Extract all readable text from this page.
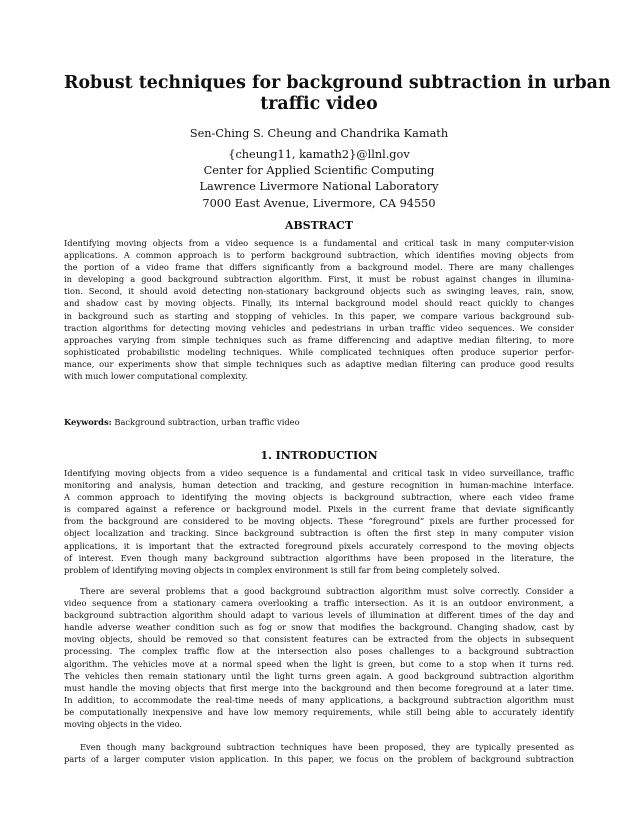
Robust techniques for background subtraction in urban
traffic video
Sen-Ching S. Cheung and Chandrika Kamath
{cheung11, kamath2}@llnl.gov
Center for Applied Scientific Computing
Lawrence Livermore National Laboratory
7000 East Avenue, Livermore, CA 94550
ABSTRACT
Identifying moving objects from a video sequence is a fundamental and critical task in many computer-vision
applications. A common approach is to perform background subtraction, which identifies moving objects from
the portion of a video frame that differs significantly from a background model. There are many challenges
in developing a good background subtraction algorithm. First, it must be robust against changes in illumina-
tion. Second, it should avoid detecting non-stationary background objects such as swinging leaves, rain, snow,
and shadow cast by moving objects. Finally, its internal background model should react quickly to changes
in background such as starting and stopping of vehicles. In this paper, we compare various background sub-
traction algorithms for detecting moving vehicles and pedestrians in urban traffic video sequences. We consider
approaches varying from simple techniques such as frame differencing and adaptive median filtering, to more
sophisticated probabilistic modeling techniques. While complicated techniques often produce superior perfor-
mance, our experiments show that simple techniques such as adaptive median filtering can produce good results
with much lower computational complexity.
Keywords: Background subtraction, urban traffic video
1. INTRODUCTION
Identifying moving objects from a video sequence is a fundamental and critical task in video surveillance, traffic
monitoring and analysis, human detection and tracking, and gesture recognition in human-machine interface.
A common approach to identifying the moving objects is background subtraction, where each video frame
is compared against a reference or background model. Pixels in the current frame that deviate significantly
from the background are considered to be moving objects. These “foreground” pixels are further processed for
object localization and tracking. Since background subtraction is often the first step in many computer vision
applications, it is important that the extracted foreground pixels accurately correspond to the moving objects
of interest. Even though many background subtraction algorithms have been proposed in the literature, the
problem of identifying moving objects in complex environment is still far from being completely solved.
There are several problems that a good background subtraction algorithm must solve correctly. Consider a
video sequence from a stationary camera overlooking a traffic intersection. As it is an outdoor environment, a
background subtraction algorithm should adapt to various levels of illumination at different times of the day and
handle adverse weather condition such as fog or snow that modifies the background. Changing shadow, cast by
moving objects, should be removed so that consistent features can be extracted from the objects in subsequent
processing. The complex traffic flow at the intersection also poses challenges to a background subtraction
algorithm. The vehicles move at a normal speed when the light is green, but come to a stop when it turns red.
The vehicles then remain stationary until the light turns green again. A good background subtraction algorithm
must handle the moving objects that first merge into the background and then become foreground at a later time.
In addition, to accommodate the real-time needs of many applications, a background subtraction algorithm must
be computationally inexpensive and have low memory requirements, while still being able to accurately identify
moving objects in the video.
Even though many background subtraction techniques have been proposed, they are typically presented as
parts of a larger computer vision application. In this paper, we focus on the problem of background subtraction
